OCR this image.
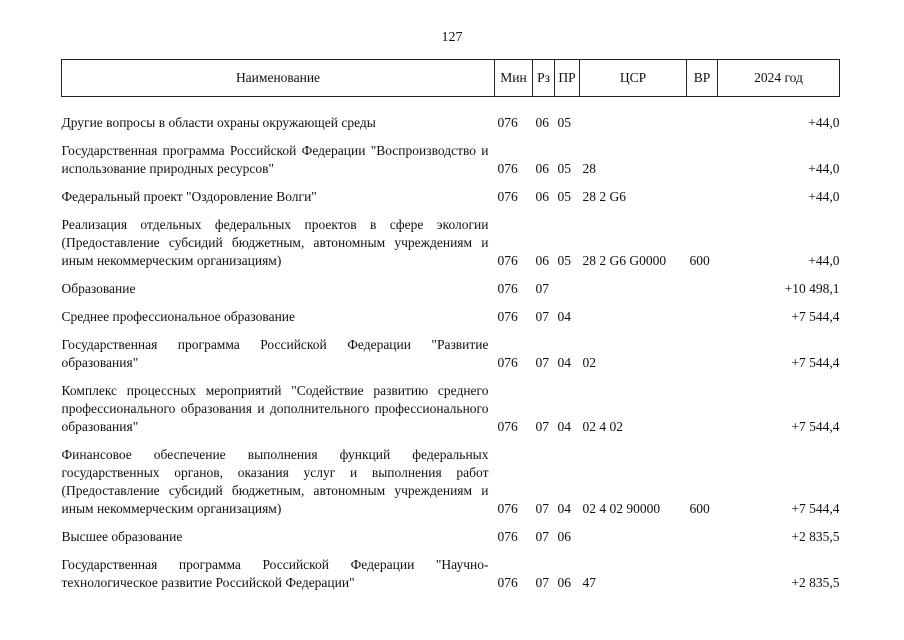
127
Наименование	Мин	Рз	ПР	ЦСР	ВР	2024 год

Другие вопросы в области охраны окружающей среды	076	06	05			+44,0
Государственная программа Российской Федерации "Воспроизводство и использование природных ресурсов"	076	06	05	28		+44,0
Федеральный проект "Оздоровление Волги"	076	06	05	28 2 G6		+44,0
Реализация отдельных федеральных проектов в сфере экологии (Предоставление субсидий бюджетным, автономным учреждениям и иным некоммерческим организациям)	076	06	05	28 2 G6 G0000	600	+44,0
Образование	076	07				+10 498,1
Среднее профессиональное образование	076	07	04			+7 544,4
Государственная программа Российской Федерации "Развитие образования"	076	07	04	02		+7 544,4
Комплекс процессных мероприятий "Содействие развитию среднего профессионального образования и дополнительного профессионального образования"	076	07	04	02 4 02		+7 544,4
Финансовое обеспечение выполнения функций федеральных государственных органов, оказания услуг и выполнения работ (Предоставление субсидий бюджетным, автономным учреждениям и иным некоммерческим организациям)	076	07	04	02 4 02 90000	600	+7 544,4
Высшее образование	076	07	06			+2 835,5
Государственная программа Российской Федерации "Научно-технологическое развитие Российской Федерации"	076	07	06	47		+2 835,5
